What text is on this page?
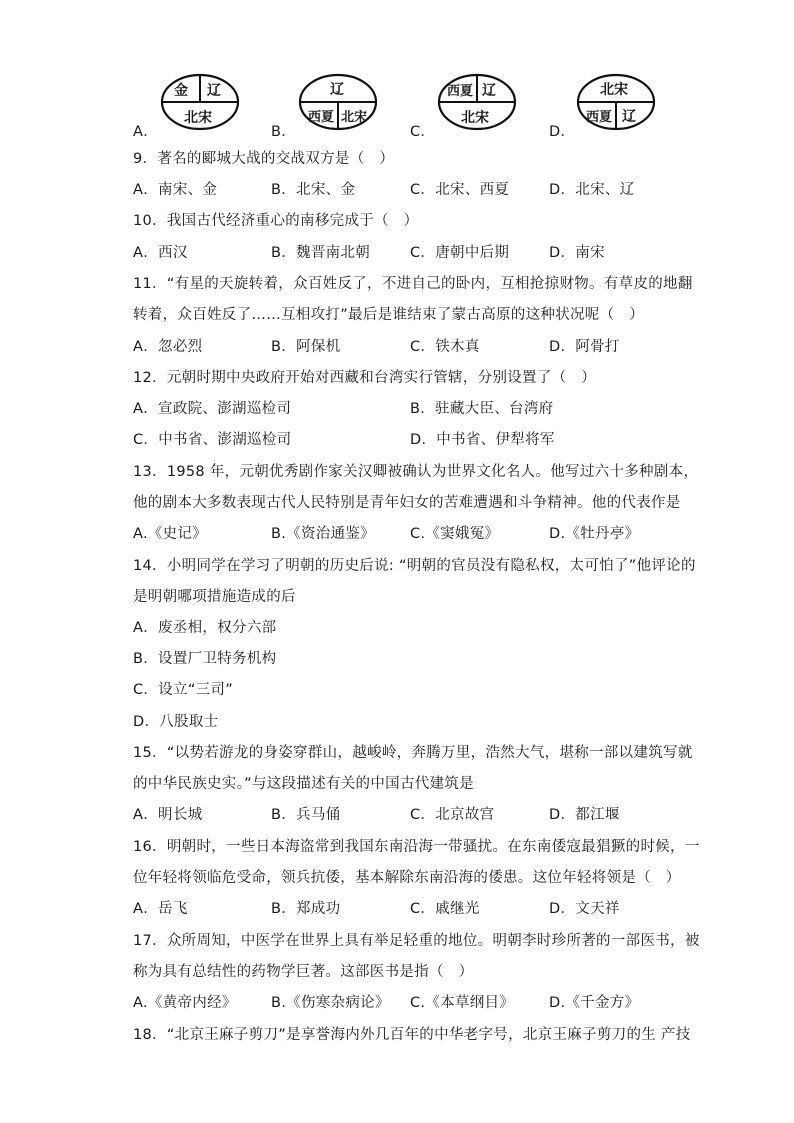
A．
金 辽
北宋
B．
辽
西夏 北宋
C．
西夏 辽
北宋
D．
北宋
西夏 辽
9．著名的郾城大战的交战双方是（　）
A．南宋、金	B．北宋、金	C．北宋、西夏	D．北宋、辽
10．我国古代经济重心的南移完成于（　）
A．西汉	B．魏晋南北朝	C．唐朝中后期	D．南宋
11．“有星的天旋转着，众百姓反了，不进自己的卧内，互相抢掠财物。有草皮的地翻
转着，众百姓反了……互相攻打”最后是谁结束了蒙古高原的这种状况呢（　）
A．忽必烈	B．阿保机	C．铁木真	D．阿骨打
12．元朝时期中央政府开始对西藏和台湾实行管辖，分别设置了（　）
A．宣政院、澎湖巡检司	B．驻藏大臣、台湾府
C．中书省、澎湖巡检司	D．中书省、伊犁将军
13．1958 年，元朝优秀剧作家关汉卿被确认为世界文化名人。他写过六十多种剧本，
他的剧本大多数表现古代人民特别是青年妇女的苦难遭遇和斗争精神。他的代表作是
A.《史记》	B.《资治通鉴》 C.《窦娥冤》	D.《牡丹亭》
14．小明同学在学习了明朝的历史后说: “明朝的官员没有隐私权，太可怕了”他评论的
是明朝哪项措施造成的后
A．废丞相，权分六部
B．设置厂卫特务机构
C．设立“三司”
D．八股取士
15．“以势若游龙的身姿穿群山，越峻岭，奔腾万里，浩然大气，堪称一部以建筑写就
的中华民族史实。”与这段描述有关的中国古代建筑是
A．明长城	B．兵马俑	C．北京故宫	D．都江堰
16．明朝时，一些日本海盗常到我国东南沿海一带骚扰。在东南倭寇最猖獗的时候，一
位年轻将领临危受命，领兵抗倭，基本解除东南沿海的倭患。这位年轻将领是（　）
A．岳飞	B．郑成功	C．戚继光	D．文天祥
17．众所周知，中医学在世界上具有举足轻重的地位。明朝李时珍所著的一部医书，被
称为具有总结性的药物学巨著。这部医书是指（　）
A.《黄帝内经》 B.《伤寒杂病论》 C.《本草纲目》 D.《千金方》
18．“北京王麻子剪刀”是享誉海内外几百年的中华老字号，北京王麻子剪刀的生 产技
